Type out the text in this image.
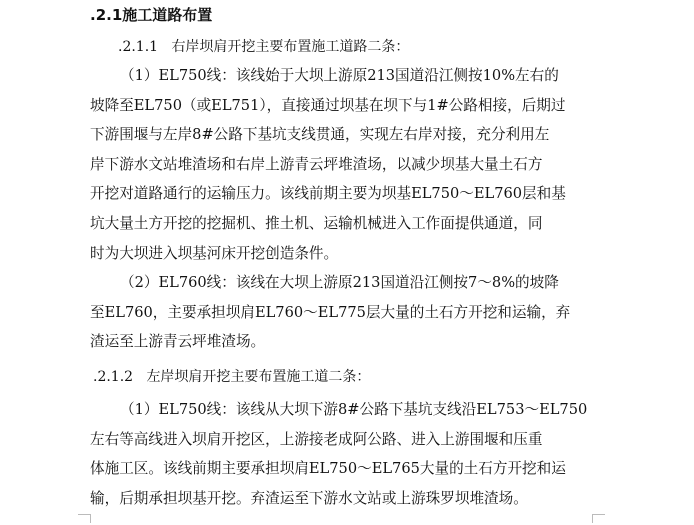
.2.1施工道路布置
.2.1.1 右岸坝肩开挖主要布置施工道路二条：
（1）EL750线：该线始于大坝上游原213国道沿江侧按10%左右的
坡降至EL750（或EL751），直接通过坝基在坝下与1#公路相接，后期过
下游围堰与左岸8#公路下基坑支线贯通，实现左右岸对接，充分利用左
岸下游水文站堆渣场和右岸上游青云坪堆渣场，以减少坝基大量土石方
开挖对道路通行的运输压力。该线前期主要为坝基EL750～EL760层和基
坑大量土方开挖的挖掘机、推土机、运输机械进入工作面提供通道，同
时为大坝进入坝基河床开挖创造条件。
（2）EL760线：该线在大坝上游原213国道沿江侧按7～8%的坡降
至EL760，主要承担坝肩EL760～EL775层大量的土石方开挖和运输，弃
渣运至上游青云坪堆渣场。
.2.1.2 左岸坝肩开挖主要布置施工道二条：
（1）EL750线：该线从大坝下游8#公路下基坑支线沿EL753～EL750
左右等高线进入坝肩开挖区，上游接老成阿公路、进入上游围堰和压重
体施工区。该线前期主要承担坝肩EL750～EL765大量的土石方开挖和运
输，后期承担坝基开挖。弃渣运至下游水文站或上游珠罗坝堆渣场。
